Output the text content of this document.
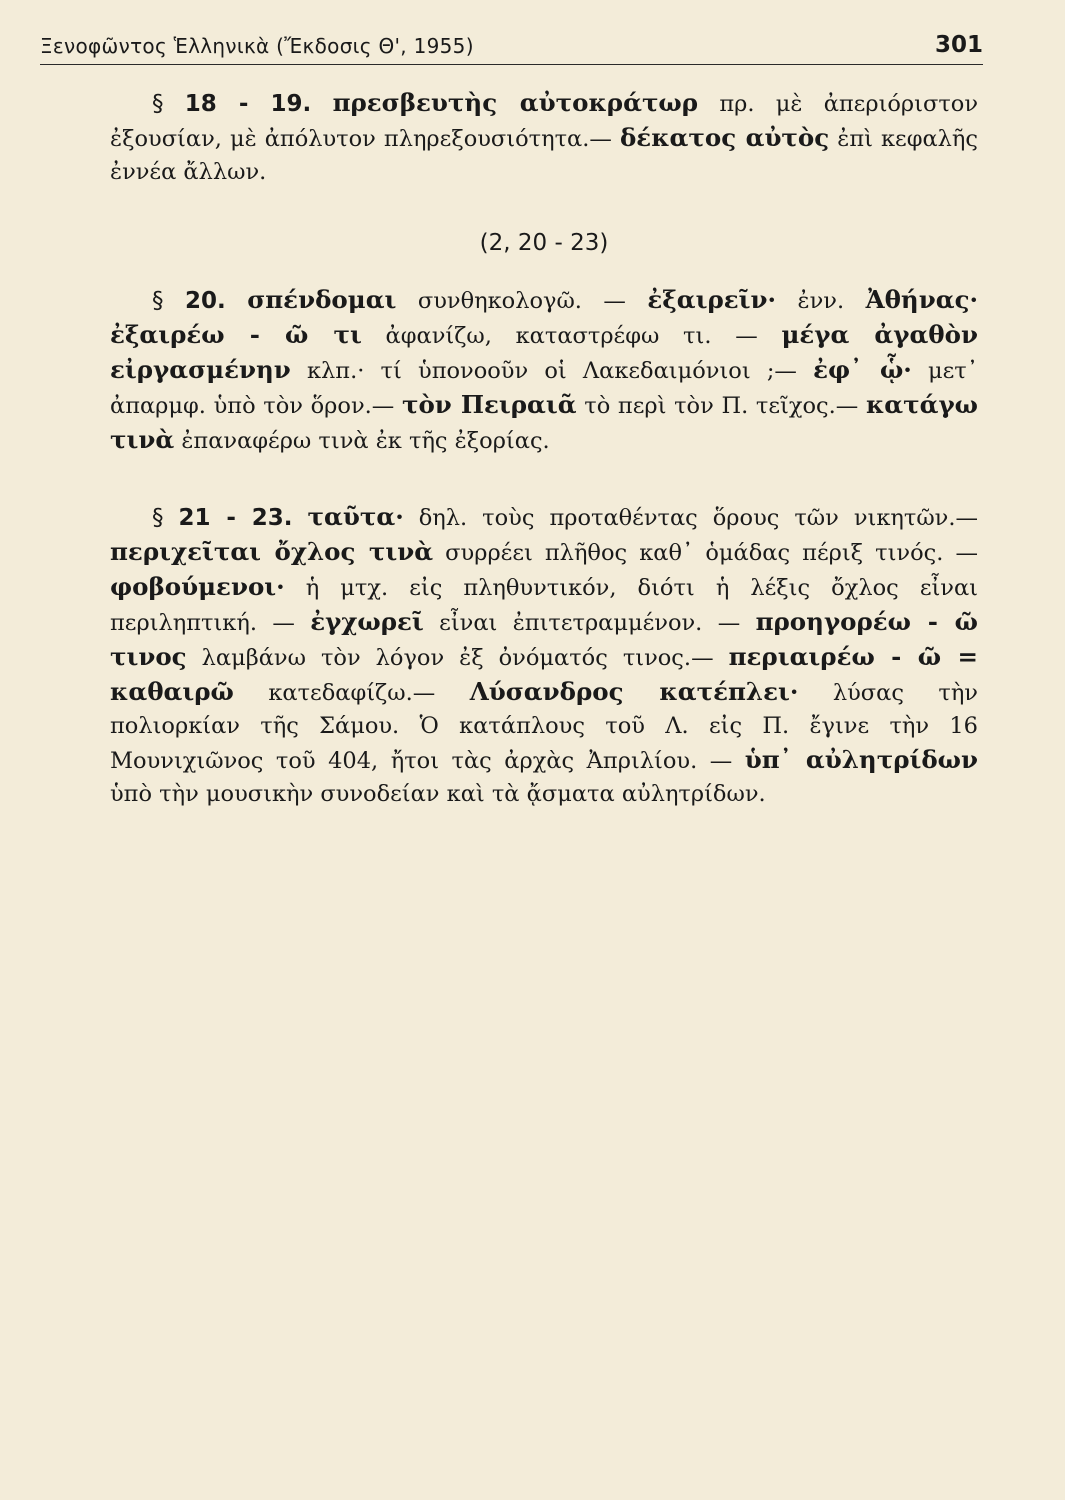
Ξενοφῶντος Ἑλληνικὰ (Ἔκδοσις Θ', 1955)	301

§ 18 - 19. πρεσβευτὴς αὐτοκράτωρ πρ. μὲ ἀπεριόριστον ἐξουσίαν, μὲ ἀπόλυτον πληρεξουσιότητα.— δέκατος αὐτὸς ἐπὶ κεφαλῆς ἐννέα ἄλλων.

(2, 20 - 23)

§ 20. σπένδομαι συνθηκολογῶ. — ἐξαιρεῖν· ἐνν. Ἀθήνας· ἐξαιρέω - ῶ τι ἀφανίζω, καταστρέφω τι. — μέγα ἀγαθὸν εἰργασμένην κλπ.· τί ὑπονοοῦν οἱ Λακεδαιμόνιοι ;— ἐφ᾽ ᾧ· μετ᾽ ἀπαρμφ. ὑπὸ τὸν ὅρον.— τὸν Πειραιᾶ τὸ περὶ τὸν Π. τεῖχος.— κατάγω τινὰ ἐπαναφέρω τινὰ ἐκ τῆς ἐξορίας.

§ 21 - 23. ταῦτα· δηλ. τοὺς προταθέντας ὅρους τῶν νικητῶν.— περιχεῖται ὄχλος τινὰ συρρέει πλῆθος καθ᾽ ὁμάδας πέριξ τινός. — φοβούμενοι· ἡ μτχ. εἰς πληθυντικόν, διότι ἡ λέξις ὄχλος εἶναι περιληπτική. — ἐγχωρεῖ εἶναι ἐπιτετραμμένον. — προηγορέω - ῶ τινος λαμβάνω τὸν λόγον ἐξ ὀνόματός τινος.— περιαιρέω - ῶ = καθαιρῶ κατεδαφίζω.— Λύσανδρος κατέπλει· λύσας τὴν πολιορκίαν τῆς Σάμου. Ὁ κατάπλους τοῦ Λ. εἰς Π. ἔγινε τὴν 16 Μουνιχιῶνος τοῦ 404, ἤτοι τὰς ἀρχὰς Ἀπριλίου. — ὑπ᾽ αὐλητρίδων ὑπὸ τὴν μουσικὴν συνοδείαν καὶ τὰ ᾄσματα αὐλητρίδων.
